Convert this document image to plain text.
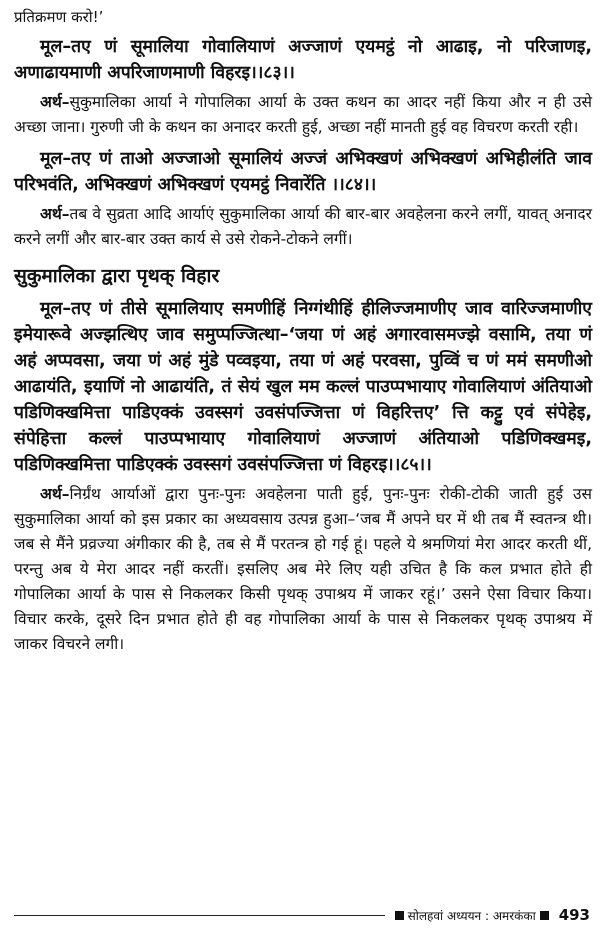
प्रतिक्रमण करो!’

मूल–तए णं सूमालिया गोवालियाणं अज्जाणं एयमट्ठं नो आढाइ, नो परिजाणइ, अणाढायमाणी अपरिजाणमाणी विहरइ।।८३।।

अर्थ–सुकुमालिका आर्या ने गोपालिका आर्या के उक्त कथन का आदर नहीं किया और न ही उसे अच्छा जाना। गुरुणी जी के कथन का अनादर करती हुई, अच्छा नहीं मानती हुई वह विचरण करती रही।

मूल–तए णं ताओ अज्जाओ सूमालियं अज्जं अभिक्खणं अभिक्खणं अभिहीलंति जाव परिभवंति, अभिक्खणं अभिक्खणं एयमट्ठं निवारेंति ।।८४।।

अर्थ–तब वे सुव्रता आदि आर्याएं सुकुमालिका आर्या की बार-बार अवहेलना करने लगीं, यावत् अनादर करने लगीं और बार-बार उक्त कार्य से उसे रोकने-टोकने लगीं।

सुकुमालिका द्वारा पृथक् विहार

मूल–तए णं तीसे सूमालियाए समणीहिं निग्गंथीहिं हीलिज्जमाणीए जाव वारिज्जमाणीए इमेयारूवे अज्झत्थिए जाव समुप्पज्जित्था–‘जया णं अहं अगारवासमज्झे वसामि, तया णं अहं अप्पवसा, जया णं अहं मुंडे पव्वइया, तया णं अहं परवसा, पुव्विं च णं ममं समणीओ आढायंति, इयाणिं नो आढायंति, तं सेयं खुल मम कल्लं पाउप्पभायाए गोवालियाणं अंतियाओ पडिणिक्खमित्ता पाडिएक्कं उवस्सगं उवसंपज्जित्ता णं विहरित्तए’ त्ति कट्टु एवं संपेहेइ, संपेहित्ता कल्लं पाउप्पभायाए गोवालियाणं अज्जाणं अंतियाओ पडिणिक्खमइ, पडिणिक्खमित्ता पाडिएक्कं उवस्सगं उवसंपज्जित्ता णं विहरइ।।८५।।

अर्थ–निर्ग्रंथ आर्याओं द्वारा पुनः-पुनः अवहेलना पाती हुई, पुनः-पुनः रोकी-टोकी जाती हुई उस सुकुमालिका आर्या को इस प्रकार का अध्यवसाय उत्पन्न हुआ–‘जब मैं अपने घर में थी तब मैं स्वतन्त्र थी। जब से मैंने प्रव्रज्या अंगीकार की है, तब से मैं परतन्त्र हो गई हूं। पहले ये श्रमणियां मेरा आदर करती थीं, परन्तु अब ये मेरा आदर नहीं करतीं। इसलिए अब मेरे लिए यही उचित है कि कल प्रभात होते ही गोपालिका आर्या के पास से निकलकर किसी पृथक् उपाश्रय में जाकर रहूं।’ उसने ऐसा विचार किया। विचार करके, दूसरे दिन प्रभात होते ही वह गोपालिका आर्या के पास से निकलकर पृथक् उपाश्रय में जाकर विचरने लगी।

सोलहवां अध्ययन : अमरकंका 493
